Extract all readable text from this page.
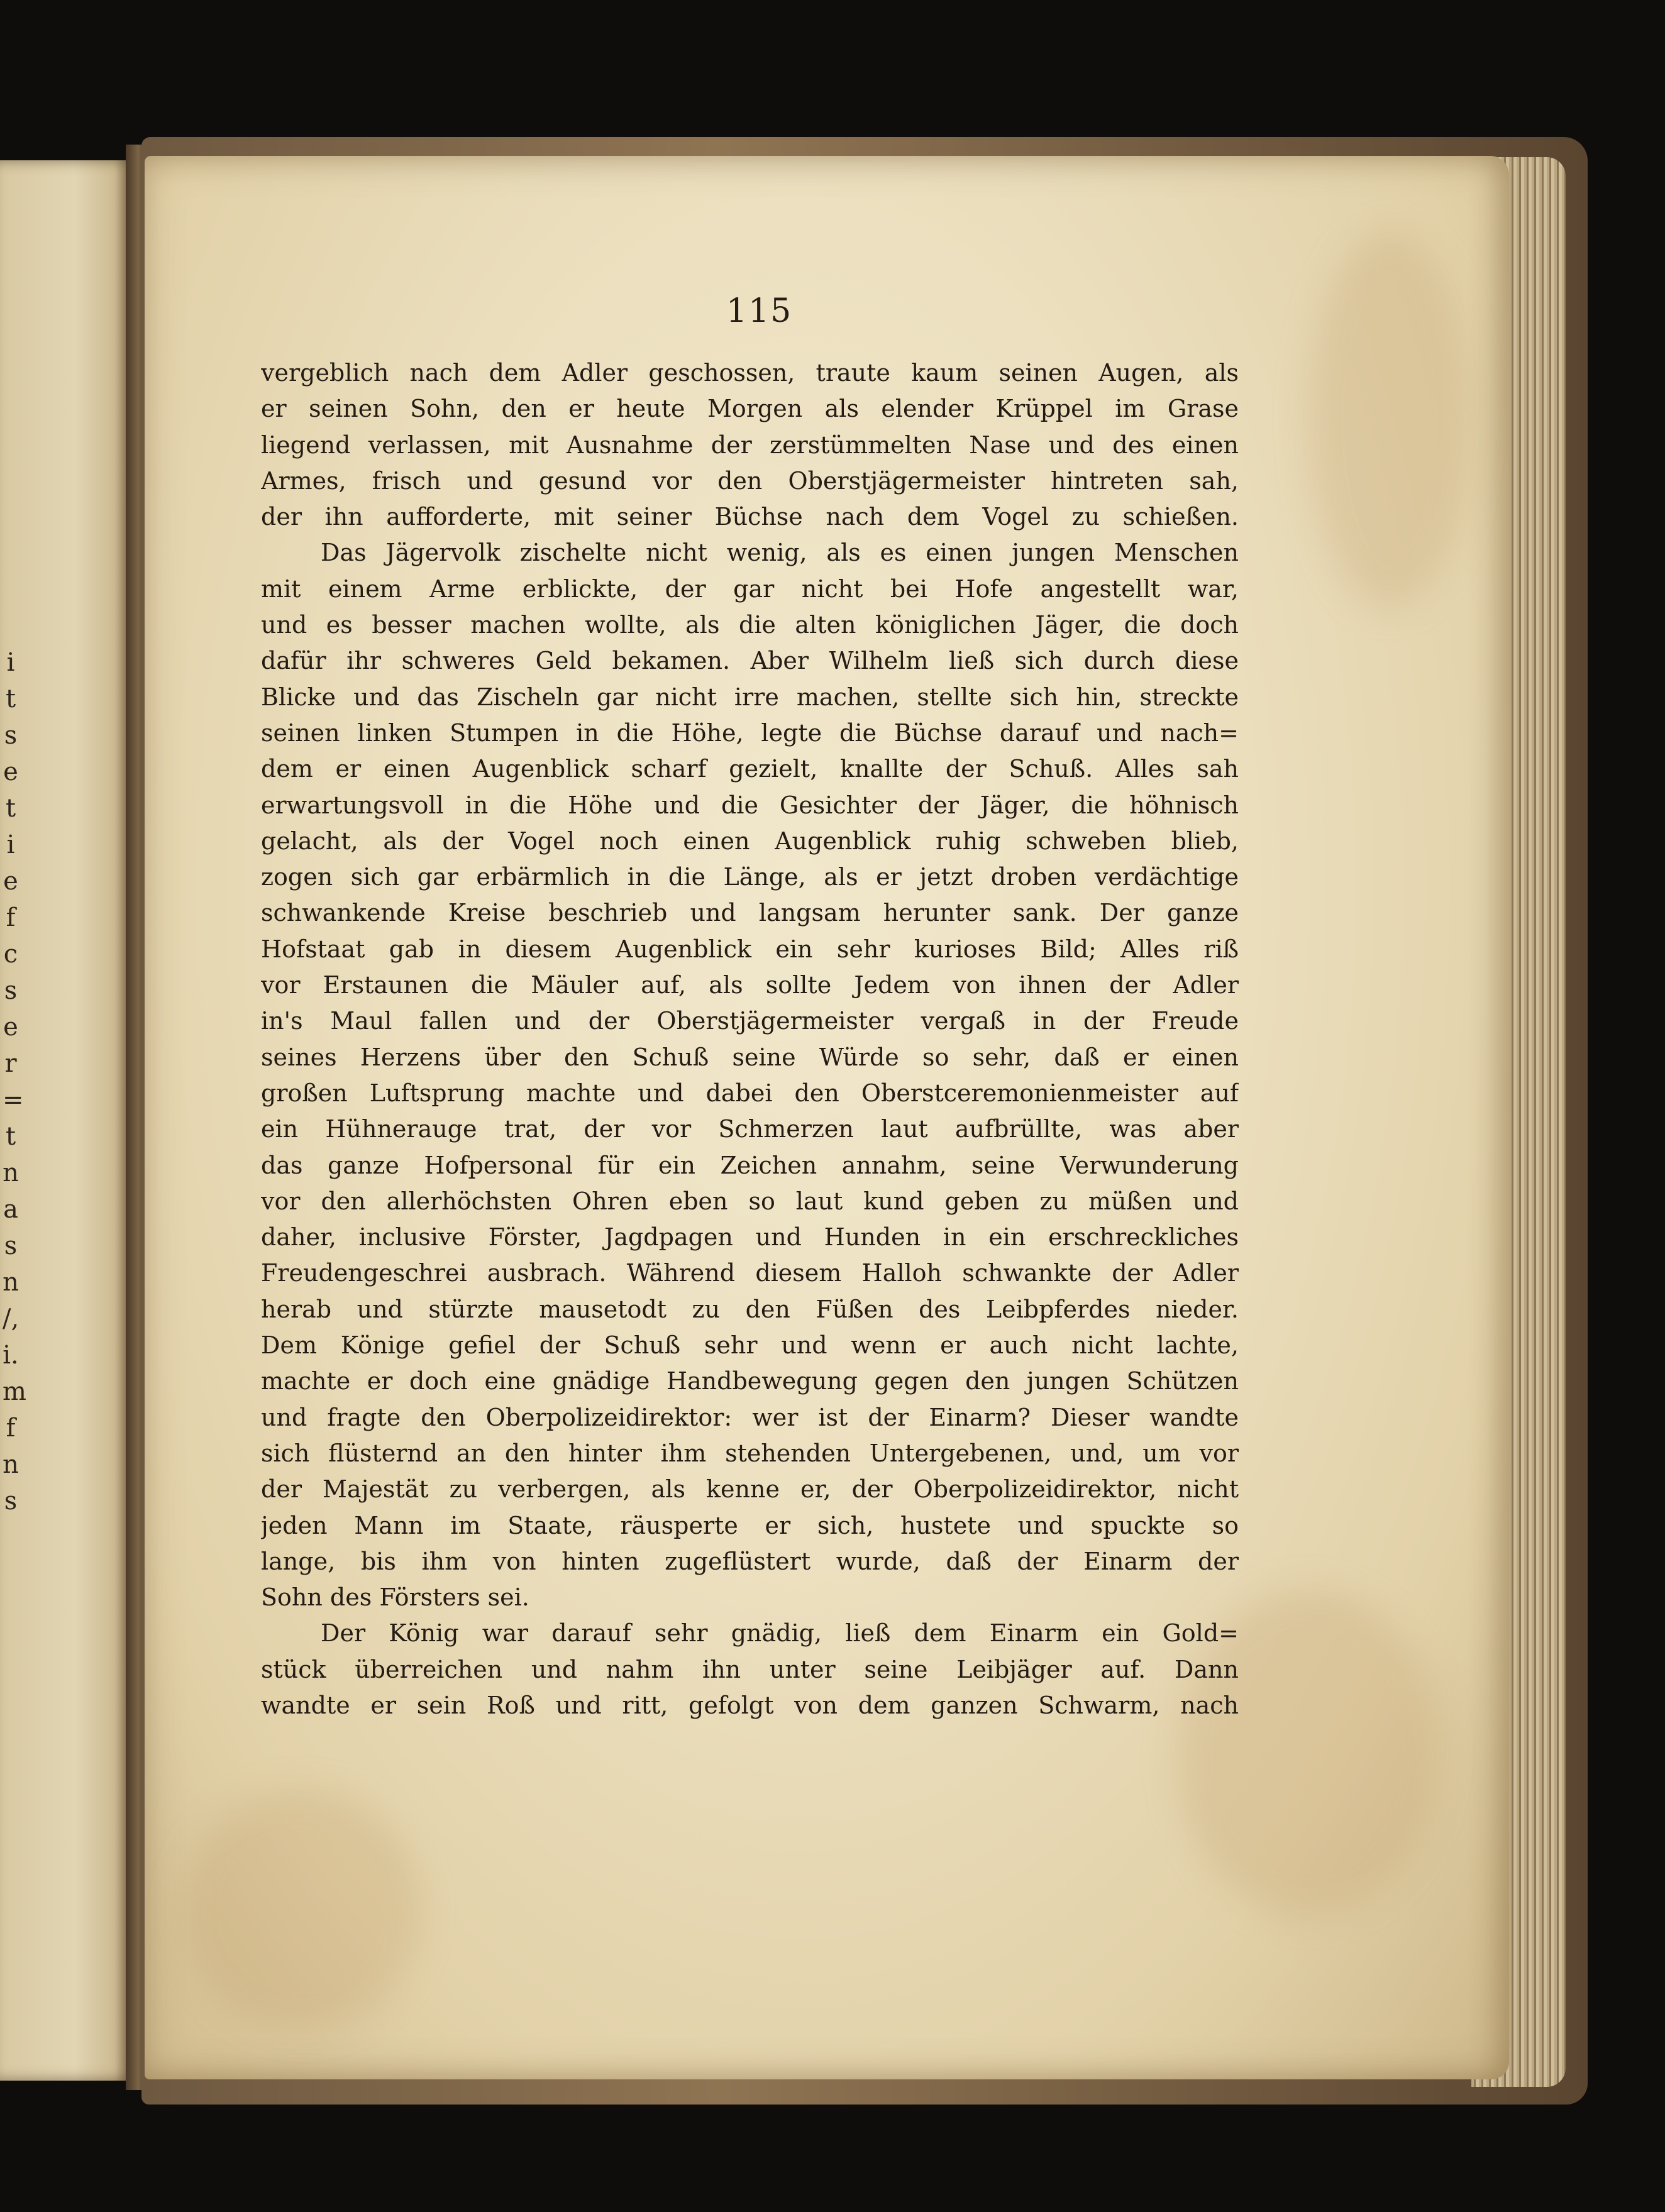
i
t
s
e
t
i
e
f
c
s
e
r
=
t
n
a
s
n
/,
i.
m
f
n
s

115

vergeblich nach dem Adler geschossen, traute kaum seinen Augen, als
er seinen Sohn, den er heute Morgen als elender Krüppel im Grase
liegend verlassen, mit Ausnahme der zerstümmelten Nase und des einen
Armes, frisch und gesund vor den Oberstjägermeister hintreten sah,
der ihn aufforderte, mit seiner Büchse nach dem Vogel zu schießen.

Das Jägervolk zischelte nicht wenig, als es einen jungen Menschen
mit einem Arme erblickte, der gar nicht bei Hofe angestellt war,
und es besser machen wollte, als die alten königlichen Jäger, die doch
dafür ihr schweres Geld bekamen. Aber Wilhelm ließ sich durch diese
Blicke und das Zischeln gar nicht irre machen, stellte sich hin, streckte
seinen linken Stumpen in die Höhe, legte die Büchse darauf und nach=
dem er einen Augenblick scharf gezielt, knallte der Schuß. Alles sah
erwartungsvoll in die Höhe und die Gesichter der Jäger, die höhnisch
gelacht, als der Vogel noch einen Augenblick ruhig schweben blieb,
zogen sich gar erbärmlich in die Länge, als er jetzt droben verdächtige
schwankende Kreise beschrieb und langsam herunter sank. Der ganze
Hofstaat gab in diesem Augenblick ein sehr kurioses Bild; Alles riß
vor Erstaunen die Mäuler auf, als sollte Jedem von ihnen der Adler
in's Maul fallen und der Oberstjägermeister vergaß in der Freude
seines Herzens über den Schuß seine Würde so sehr, daß er einen
großen Luftsprung machte und dabei den Oberstceremonienmeister auf
ein Hühnerauge trat, der vor Schmerzen laut aufbrüllte, was aber
das ganze Hofpersonal für ein Zeichen annahm, seine Verwunderung
vor den allerhöchsten Ohren eben so laut kund geben zu müßen und
daher, inclusive Förster, Jagdpagen und Hunden in ein erschreckliches
Freudengeschrei ausbrach. Während diesem Halloh schwankte der Adler
herab und stürzte mausetodt zu den Füßen des Leibpferdes nieder.
Dem Könige gefiel der Schuß sehr und wenn er auch nicht lachte,
machte er doch eine gnädige Handbewegung gegen den jungen Schützen
und fragte den Oberpolizeidirektor: wer ist der Einarm? Dieser wandte
sich flüsternd an den hinter ihm stehenden Untergebenen, und, um vor
der Majestät zu verbergen, als kenne er, der Oberpolizeidirektor, nicht
jeden Mann im Staate, räusperte er sich, hustete und spuckte so
lange, bis ihm von hinten zugeflüstert wurde, daß der Einarm der
Sohn des Försters sei.

Der König war darauf sehr gnädig, ließ dem Einarm ein Gold=
stück überreichen und nahm ihn unter seine Leibjäger auf. Dann
wandte er sein Roß und ritt, gefolgt von dem ganzen Schwarm, nach
